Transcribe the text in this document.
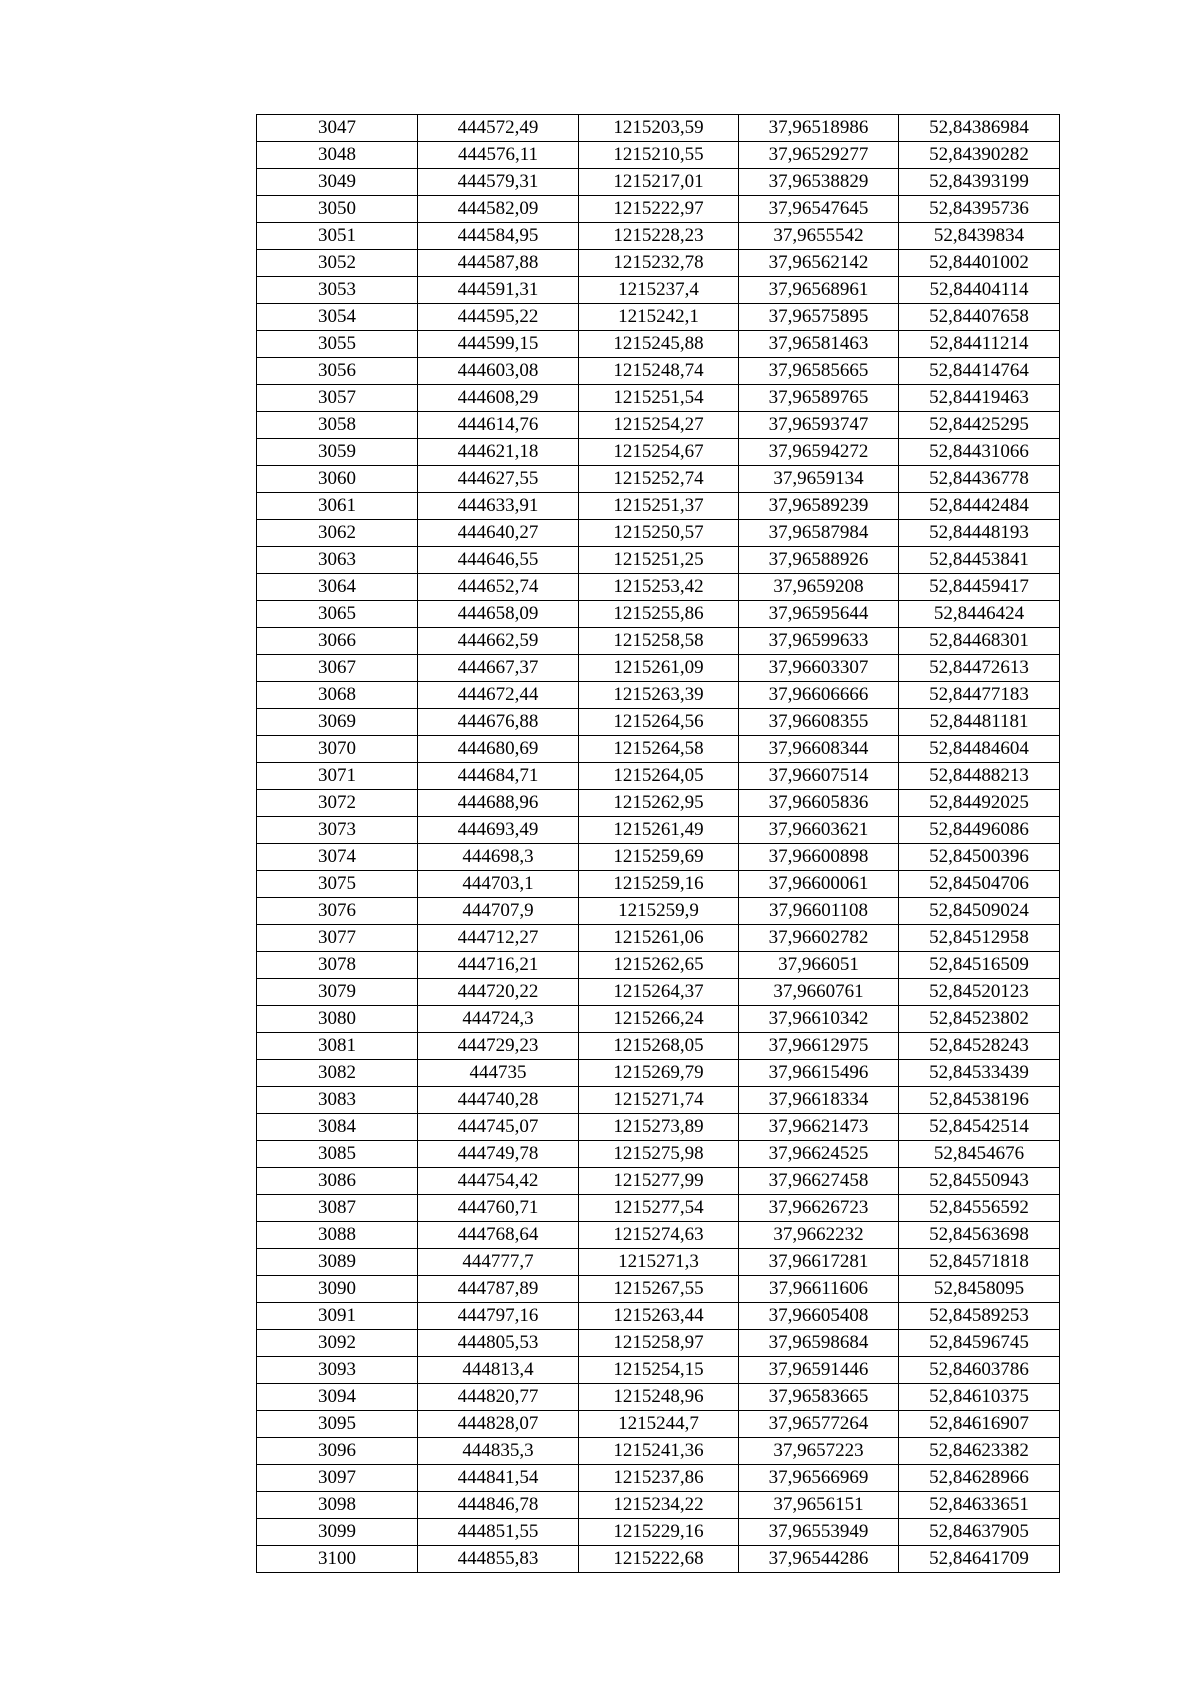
3047	444572,49	1215203,59	37,96518986	52,84386984
3048	444576,11	1215210,55	37,96529277	52,84390282
3049	444579,31	1215217,01	37,96538829	52,84393199
3050	444582,09	1215222,97	37,96547645	52,84395736
3051	444584,95	1215228,23	37,9655542	52,8439834
3052	444587,88	1215232,78	37,96562142	52,84401002
3053	444591,31	1215237,4	37,96568961	52,84404114
3054	444595,22	1215242,1	37,96575895	52,84407658
3055	444599,15	1215245,88	37,96581463	52,84411214
3056	444603,08	1215248,74	37,96585665	52,84414764
3057	444608,29	1215251,54	37,96589765	52,84419463
3058	444614,76	1215254,27	37,96593747	52,84425295
3059	444621,18	1215254,67	37,96594272	52,84431066
3060	444627,55	1215252,74	37,9659134	52,84436778
3061	444633,91	1215251,37	37,96589239	52,84442484
3062	444640,27	1215250,57	37,96587984	52,84448193
3063	444646,55	1215251,25	37,96588926	52,84453841
3064	444652,74	1215253,42	37,9659208	52,84459417
3065	444658,09	1215255,86	37,96595644	52,8446424
3066	444662,59	1215258,58	37,96599633	52,84468301
3067	444667,37	1215261,09	37,96603307	52,84472613
3068	444672,44	1215263,39	37,96606666	52,84477183
3069	444676,88	1215264,56	37,96608355	52,84481181
3070	444680,69	1215264,58	37,96608344	52,84484604
3071	444684,71	1215264,05	37,96607514	52,84488213
3072	444688,96	1215262,95	37,96605836	52,84492025
3073	444693,49	1215261,49	37,96603621	52,84496086
3074	444698,3	1215259,69	37,96600898	52,84500396
3075	444703,1	1215259,16	37,96600061	52,84504706
3076	444707,9	1215259,9	37,96601108	52,84509024
3077	444712,27	1215261,06	37,96602782	52,84512958
3078	444716,21	1215262,65	37,966051	52,84516509
3079	444720,22	1215264,37	37,9660761	52,84520123
3080	444724,3	1215266,24	37,96610342	52,84523802
3081	444729,23	1215268,05	37,96612975	52,84528243
3082	444735	1215269,79	37,96615496	52,84533439
3083	444740,28	1215271,74	37,96618334	52,84538196
3084	444745,07	1215273,89	37,96621473	52,84542514
3085	444749,78	1215275,98	37,96624525	52,8454676
3086	444754,42	1215277,99	37,96627458	52,84550943
3087	444760,71	1215277,54	37,96626723	52,84556592
3088	444768,64	1215274,63	37,9662232	52,84563698
3089	444777,7	1215271,3	37,96617281	52,84571818
3090	444787,89	1215267,55	37,96611606	52,8458095
3091	444797,16	1215263,44	37,96605408	52,84589253
3092	444805,53	1215258,97	37,96598684	52,84596745
3093	444813,4	1215254,15	37,96591446	52,84603786
3094	444820,77	1215248,96	37,96583665	52,84610375
3095	444828,07	1215244,7	37,96577264	52,84616907
3096	444835,3	1215241,36	37,9657223	52,84623382
3097	444841,54	1215237,86	37,96566969	52,84628966
3098	444846,78	1215234,22	37,9656151	52,84633651
3099	444851,55	1215229,16	37,96553949	52,84637905
3100	444855,83	1215222,68	37,96544286	52,84641709
